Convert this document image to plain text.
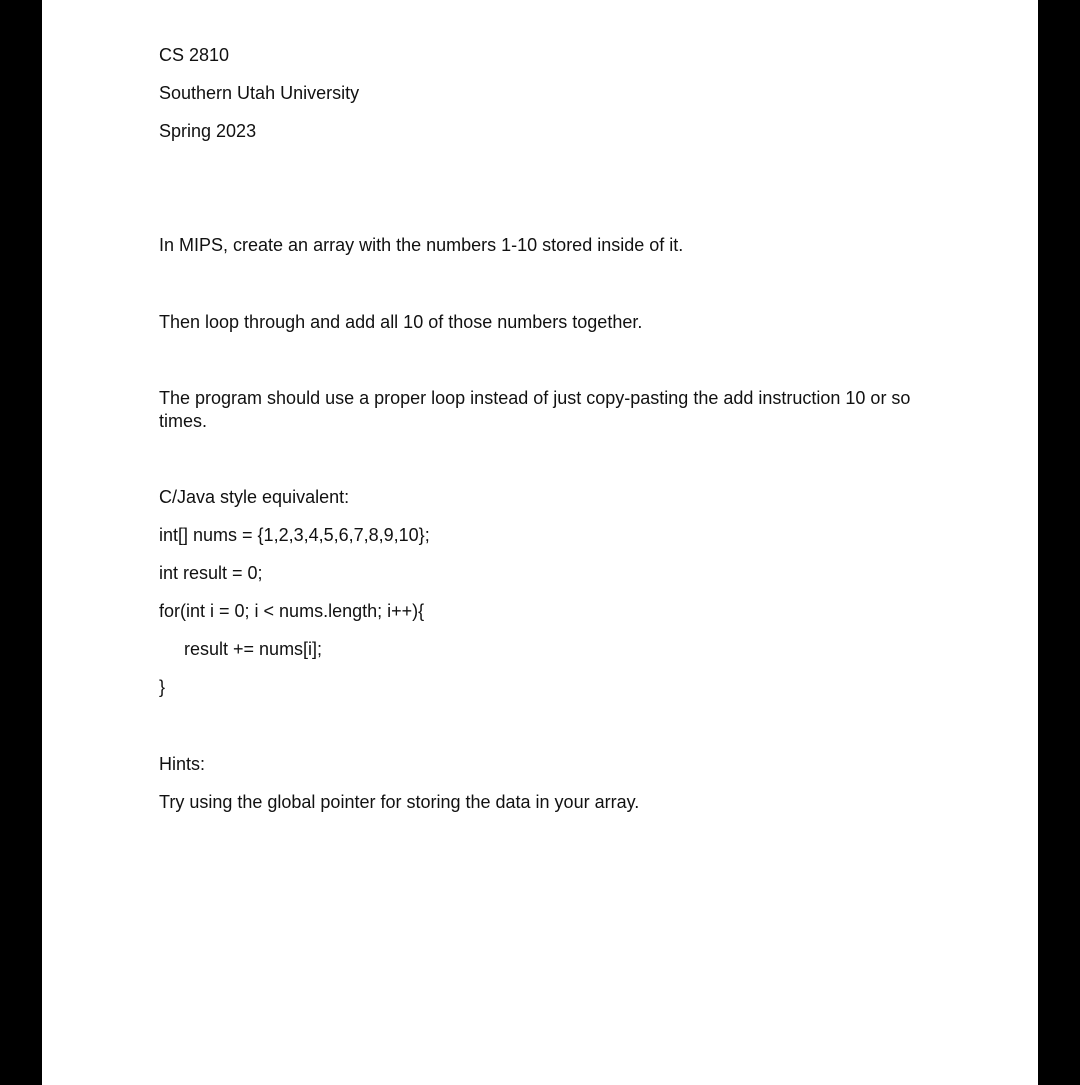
CS 2810

Southern Utah University

Spring 2023

In MIPS, create an array with the numbers 1-10 stored inside of it.

Then loop through and add all 10 of those numbers together.

The program should use a proper loop instead of just copy-pasting the add instruction 10 or so times.

C/Java style equivalent:

int[] nums = {1,2,3,4,5,6,7,8,9,10};

int result = 0;

for(int i = 0; i < nums.length; i++){

result += nums[i];

}

Hints:

Try using the global pointer for storing the data in your array.
